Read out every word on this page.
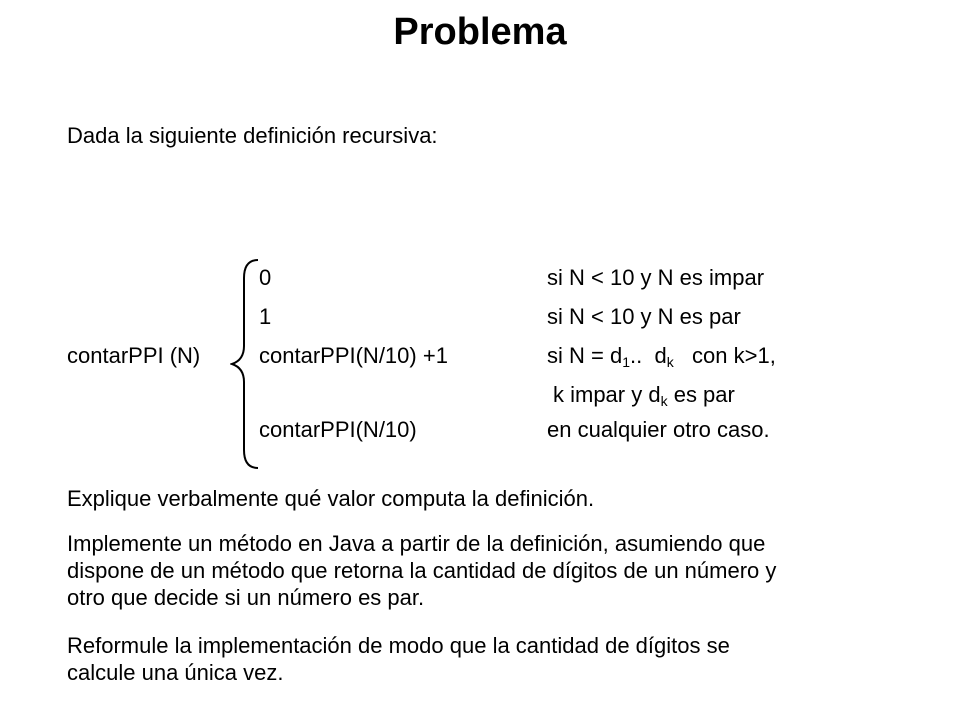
Problema
Dada la siguiente definición recursiva:
contarPPI (N)
0	si N < 10 y N es impar
1	si N < 10 y N es par
contarPPI(N/10) +1	si $N = d_1$..  $d_k$   con k>1,
k impar y $d_k$ es par
contarPPI(N/10)	en cualquier otro caso.
Explique verbalmente qué valor computa la definición.
Implemente un método en Java a partir de la definición, asumiendo que
dispone de un método que retorna la cantidad de dígitos de un número y
otro que decide si un número es par.
Reformule la implementación de modo que la cantidad de dígitos se
calcule una única vez.
